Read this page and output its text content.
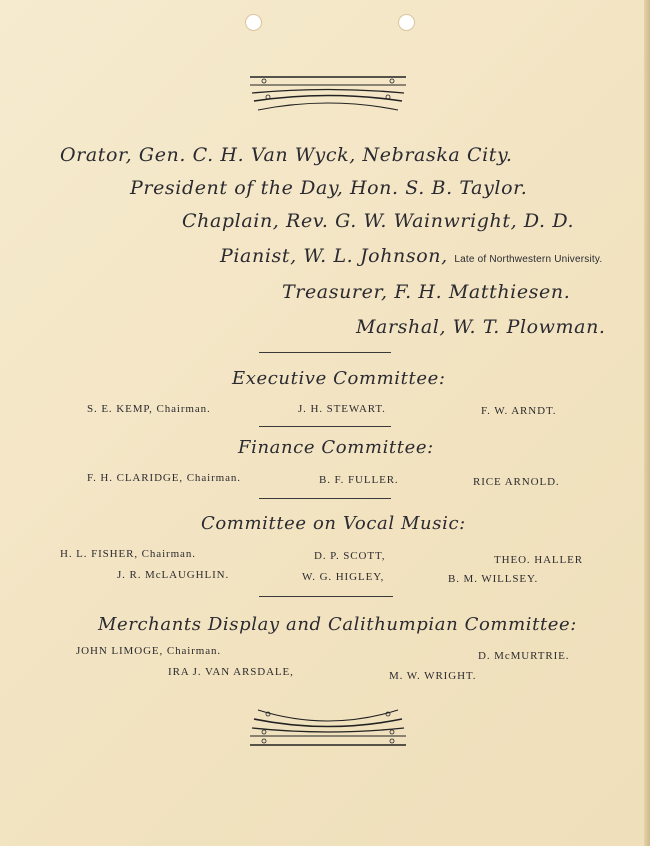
Orator, Gen. C. H. Van Wyck, Nebraska City.
President of the Day, Hon. S. B. Taylor.
Chaplain, Rev. G. W. Wainwright, D. D.
Pianist, W. L. Johnson, Late of Northwestern University.
Treasurer, F. H. Matthiesen.
Marshal, W. T. Plowman.
Executive Committee:
S. E. KEMP, Chairman.	J. H. STEWART.	F. W. ARNDT.
Finance Committee:
F. H. CLARIDGE, Chairman.	B. F. FULLER.	RICE ARNOLD.
Committee on Vocal Music:
H. L. FISHER, Chairman.	D. P. SCOTT,	THEO. HALLER
J. R. McLAUGHLIN.	W. G. HIGLEY,	B. M. WILLSEY.
Merchants Display and Calithumpian Committee:
JOHN LIMOGE, Chairman.	D. McMURTRIE.
IRA J. VAN ARSDALE,	M. W. WRIGHT.
